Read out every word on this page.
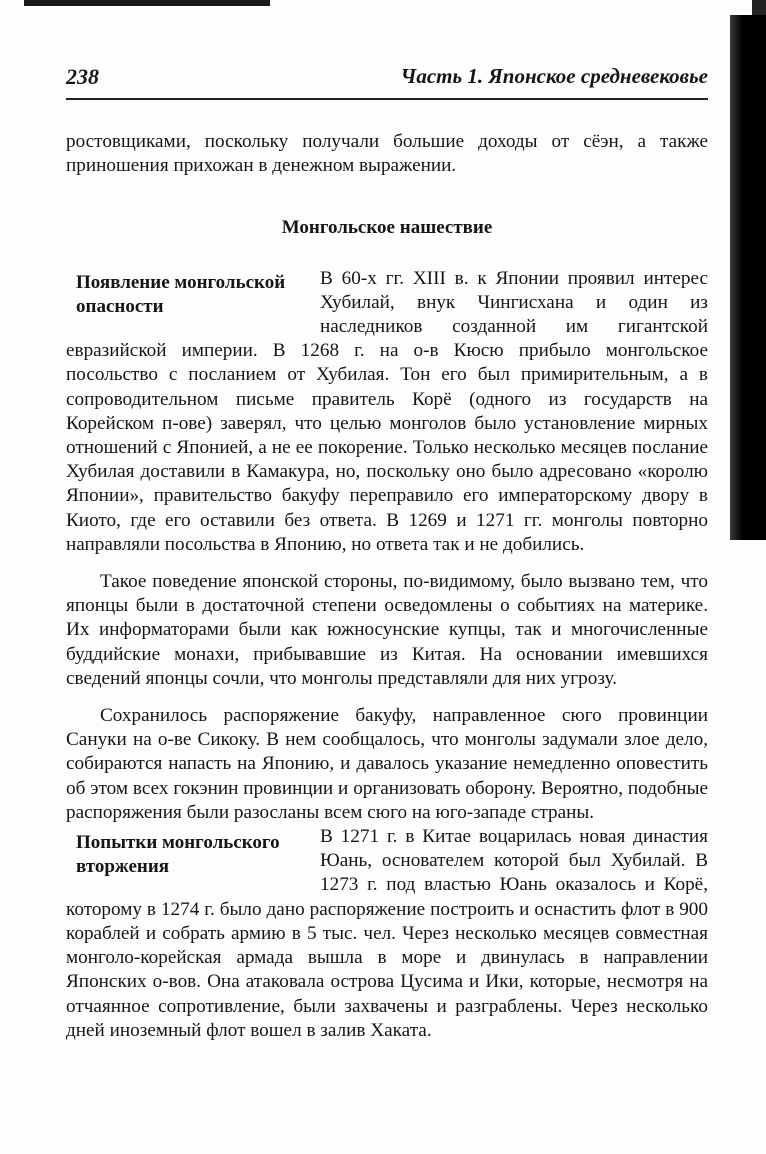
238	Часть 1. Японское средневековье

ростовщиками, поскольку получали большие доходы от сёэн, а также приношения прихожан в денежном выражении.

Монгольское нашествие
Появление монгольской опасности

В 60-х гг. XIII в. к Японии проявил интерес Хубилай, внук Чингисхана и один из наследников созданной им гигантской евразийской империи. В 1268 г. на о-в Кюсю прибыло монгольское посольство с посланием от Хубилая. Тон его был примирительным, а в сопроводительном письме правитель Корё (одного из государств на Корейском п-ове) заверял, что целью монголов было установление мирных отношений с Японией, а не ее покорение. Только несколько месяцев послание Хубилая доставили в Камакура, но, поскольку оно было адресовано «королю Японии», правительство бакуфу переправило его императорскому двору в Киото, где его оставили без ответа. В 1269 и 1271 гг. монголы повторно направляли посольства в Японию, но ответа так и не добились.

Такое поведение японской стороны, по-видимому, было вызвано тем, что японцы были в достаточной степени осведомлены о событиях на материке. Их информаторами были как южносунские купцы, так и многочисленные буддийские монахи, прибывавшие из Китая. На основании имевшихся сведений японцы сочли, что монголы представляли для них угрозу.

Сохранилось распоряжение бакуфу, направленное сюго провинции Сануки на о-ве Сикоку. В нем сообщалось, что монголы задумали злое дело, собираются напасть на Японию, и давалось указание немедленно оповестить об этом всех гокэнин провинции и организовать оборону. Вероятно, подобные распоряжения были разосланы всем сюго на юго-западе страны.

Попытки монгольского вторжения

В 1271 г. в Китае воцарилась новая династия Юань, основателем которой был Хубилай. В 1273 г. под властью Юань оказалось и Корё, которому в 1274 г. было дано распоряжение построить и оснастить флот в 900 кораблей и собрать армию в 5 тыс. чел. Через несколько месяцев совместная монголо-корейская армада вышла в море и двинулась в направлении Японских о-вов. Она атаковала острова Цусима и Ики, которые, несмотря на отчаянное сопротивление, были захвачены и разграблены. Через несколько дней иноземный флот вошел в залив Хаката.
